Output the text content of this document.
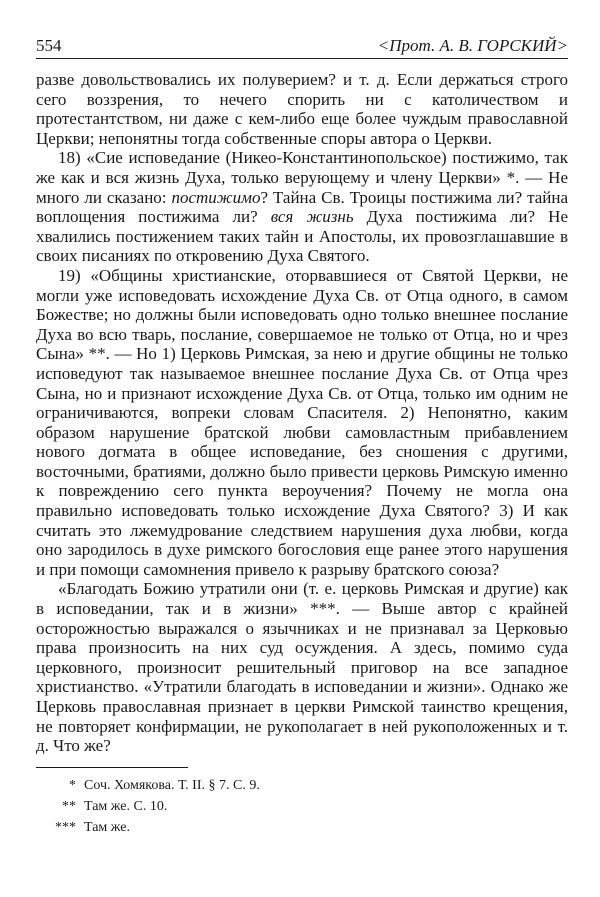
554	<Прот. А. В. ГОРСКИЙ>

разве довольствовались их полуверием? и т. д. Если держаться строго сего воззрения, то нечего спорить ни с католичеством и протестантством, ни даже с кем-либо еще более чуждым православной Церкви; непонятны тогда собственные споры автора о Церкви.

18) «Сие исповедание (Никео-Константинопольское) постижимо, так же как и вся жизнь Духа, только верующему и члену Церкви» *. — Не много ли сказано: постижимо? Тайна Св. Троицы постижима ли? тайна воплощения постижима ли? вся жизнь Духа постижима ли? Не хвалились постижением таких тайн и Апостолы, их провозглашавшие в своих писаниях по откровению Духа Святого.

19) «Общины христианские, оторвавшиеся от Святой Церкви, не могли уже исповедовать исхождение Духа Св. от Отца одного, в самом Божестве; но должны были исповедовать одно только внешнее послание Духа во всю тварь, послание, совершаемое не только от Отца, но и чрез Сына» **. — Но 1) Церковь Римская, за нею и другие общины не только исповедуют так называемое внешнее послание Духа Св. от Отца чрез Сына, но и признают исхождение Духа Св. от Отца, только им одним не ограничиваются, вопреки словам Спасителя. 2) Непонятно, каким образом нарушение братской любви самовластным прибавлением нового догмата в общее исповедание, без сношения с другими, восточными, братиями, должно было привести церковь Римскую именно к повреждению сего пункта вероучения? Почему не могла она правильно исповедовать только исхождение Духа Святого? 3) И как считать это лжемудрование следствием нарушения духа любви, когда оно зародилось в духе римского богословия еще ранее этого нарушения и при помощи самомнения привело к разрыву братского союза?

«Благодать Божию утратили они (т. е. церковь Римская и другие) как в исповедании, так и в жизни» ***. — Выше автор с крайней осторожностью выражался о язычниках и не признавал за Церковью права произносить на них суд осуждения. А здесь, помимо суда церковного, произносит решительный приговор на все западное христианство. «Утратили благодать в исповедании и жизни». Однако же Церковь православная признает в церкви Римской таинство крещения, не повторяет конфирмации, не рукополагает в ней рукоположенных и т. д. Что же?

* Соч. Хомякова. Т. II. § 7. С. 9.
** Там же. С. 10.
*** Там же.
